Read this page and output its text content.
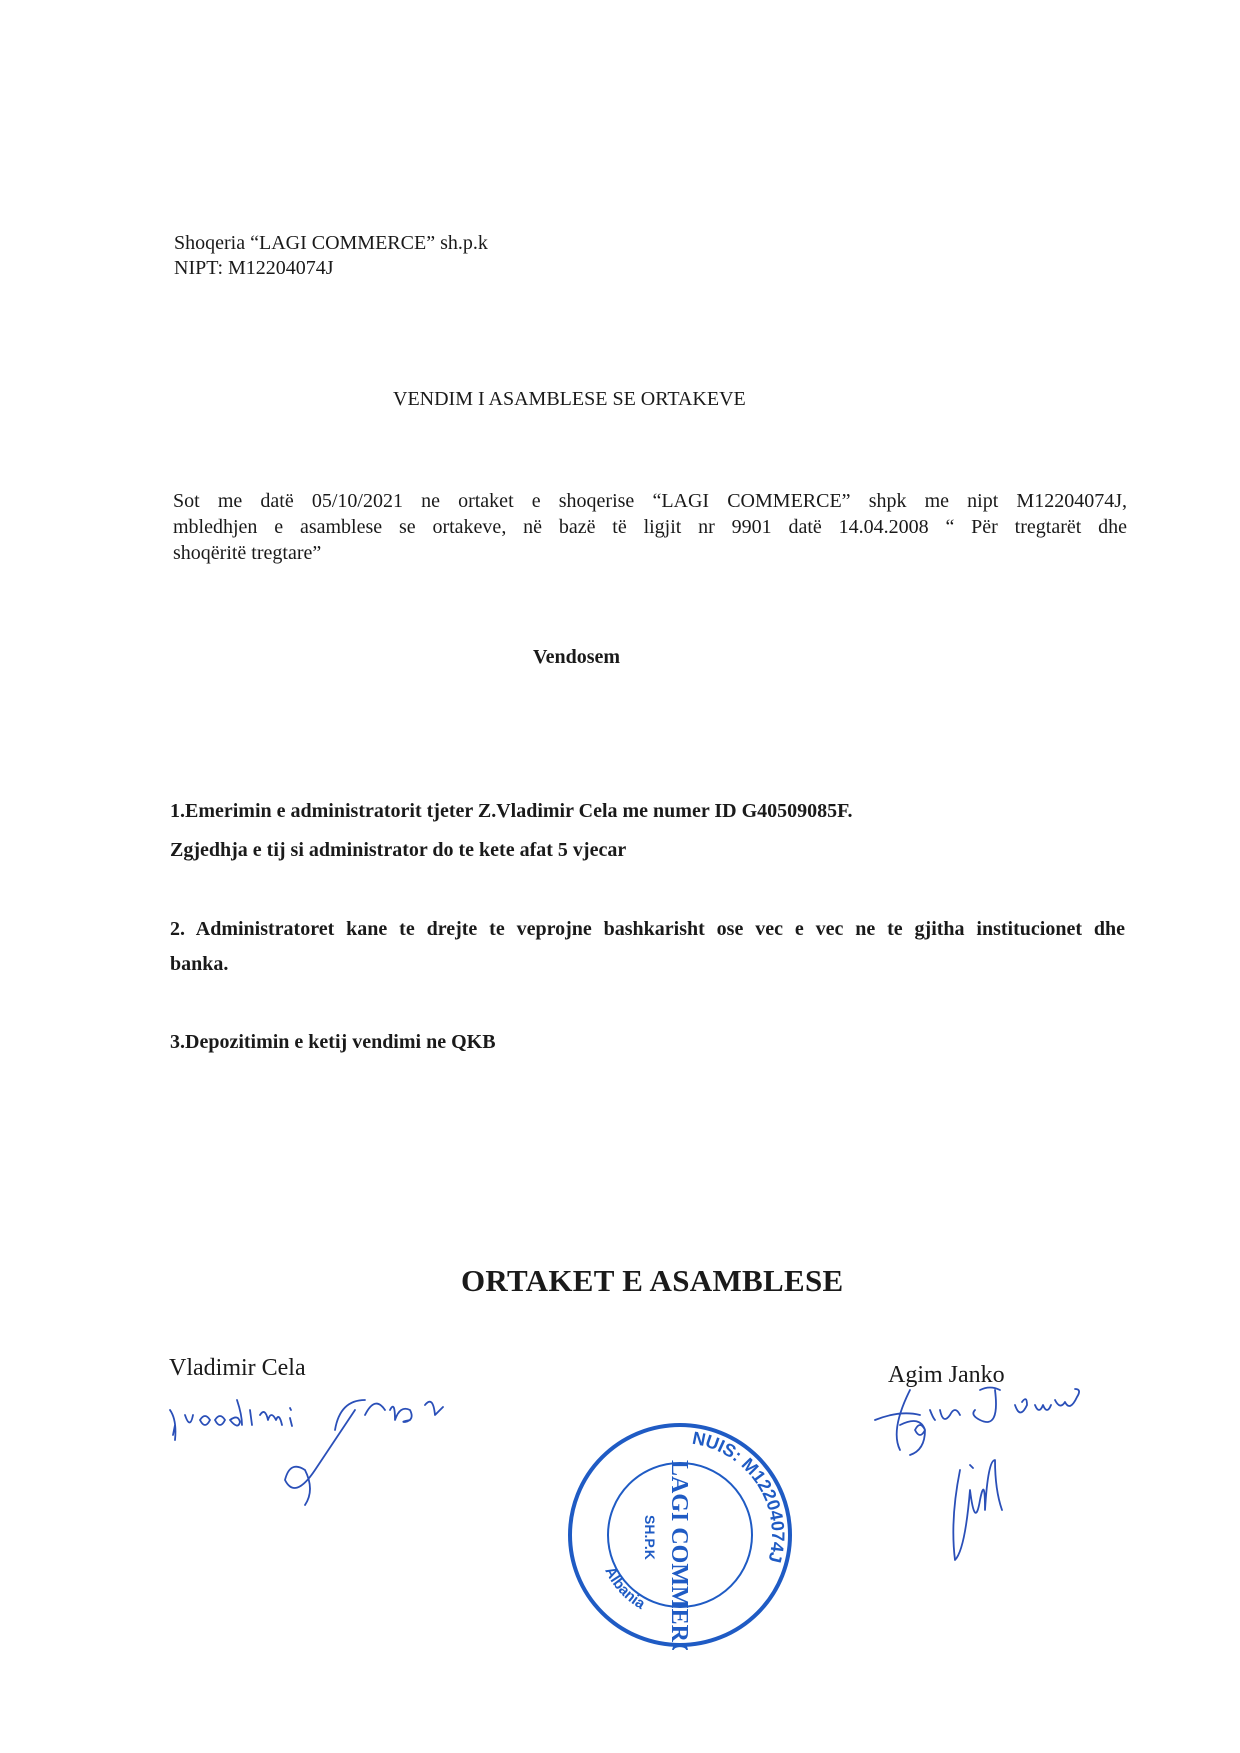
Shoqeria “LAGI COMMERCE” sh.p.k
NIPT: M12204074J
VENDIM I ASAMBLESE SE ORTAKEVE
Sot me datë 05/10/2021 ne ortaket e shoqerise “LAGI COMMERCE” shpk me nipt M12204074J,
mbledhjen e asamblese se ortakeve, në bazë të ligjit nr 9901 datë 14.04.2008 “ Për tregtarët dhe
shoqëritë tregtare”
Vendosem
1.Emerimin e administratorit tjeter Z.Vladimir Cela me numer ID G40509085F.
Zgjedhja e tij si administrator do te kete afat 5 vjecar
2. Administratoret kane te drejte te veprojne bashkarisht ose vec e vec ne te gjitha institucionet dhe
banka.
3.Depozitimin e ketij vendimi ne QKB
ORTAKET E ASAMBLESE
Vladimir Cela	Agim Janko
NUIS: M12204074J
Albania LAGI COMMERCE
SH.P.K
